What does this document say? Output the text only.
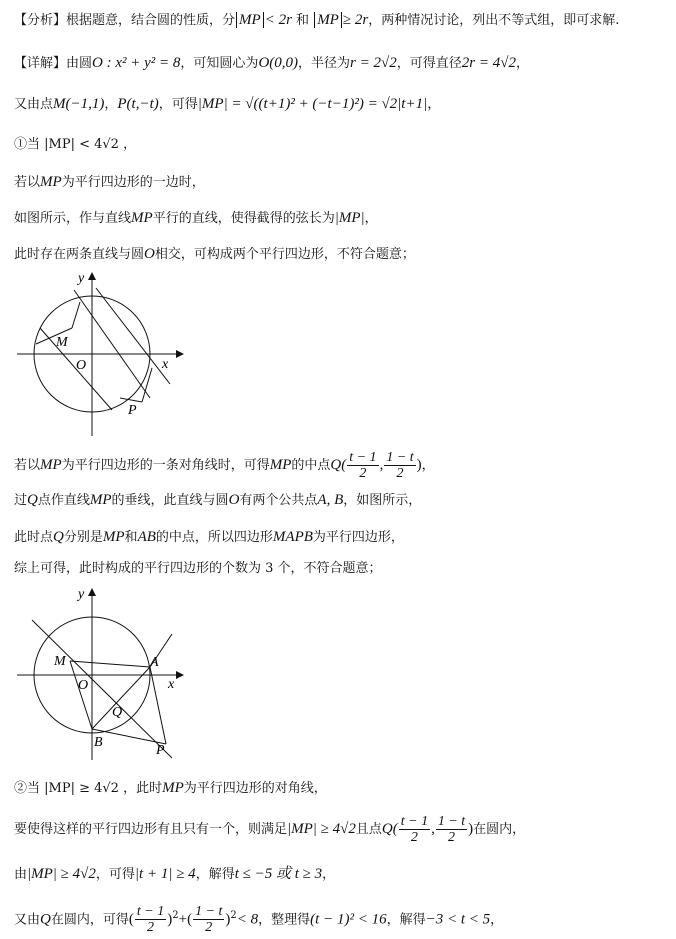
【分析】根据题意，结合圆的性质，分 MP < 2r 和 MP ≥ 2r，两种情况讨论，列出不等式组，即可求解.
【详解】由圆O : x² + y² = 8，可知圆心为O(0,0)，半径为r = 2√2，可得直径2r = 4√2，
又由点M(−1,1)，P(t,−t)，可得|MP| = √((t+1)² + (−t−1)²) = √2|t+1|，
①当 |MP| < 4√2 ，
若以MP为平行四边形的一边时，
如图所示，作与直线MP平行的直线，使得截得的弦长为|MP|，
此时存在两条直线与圆O相交，可构成两个平行四边形，不符合题意；
y
x
O
M
P
若以MP为平行四边形的一条对角线时，可得MP的中点$Q( \frac{t - 1}{2}$ , $\frac{1 - t}{2}$ )，
过Q点作直线MP的垂线，此直线与圆O有两个公共点A, B，如图所示，
此时点Q分别是MP和AB的中点，所以四边形MAPB为平行四边形，
综上可得，此时构成的平行四边形的个数为 3 个，不符合题意；
y
x
O
M	A
Q
B
P
②当 |MP| ≥ 4√2 ，此时MP为平行四边形的对角线，
要使得这样的平行四边形有且只有一个，则满足|MP| ≥ 4√2且点$Q( \frac{t - 1}{2}$ , $\frac{1 - t}{2}$ )在圆内，
由|MP| ≥ 4√2，可得|t + 1| ≥ 4，解得t ≤ −5 或 t ≥ 3，
又由Q在圆内，可得( $\frac{t - 1}{2} )^2+( \frac{1 - t}{2} )^2< 8$，整理得(t − 1)² < 16，解得−3 < t < 5，
